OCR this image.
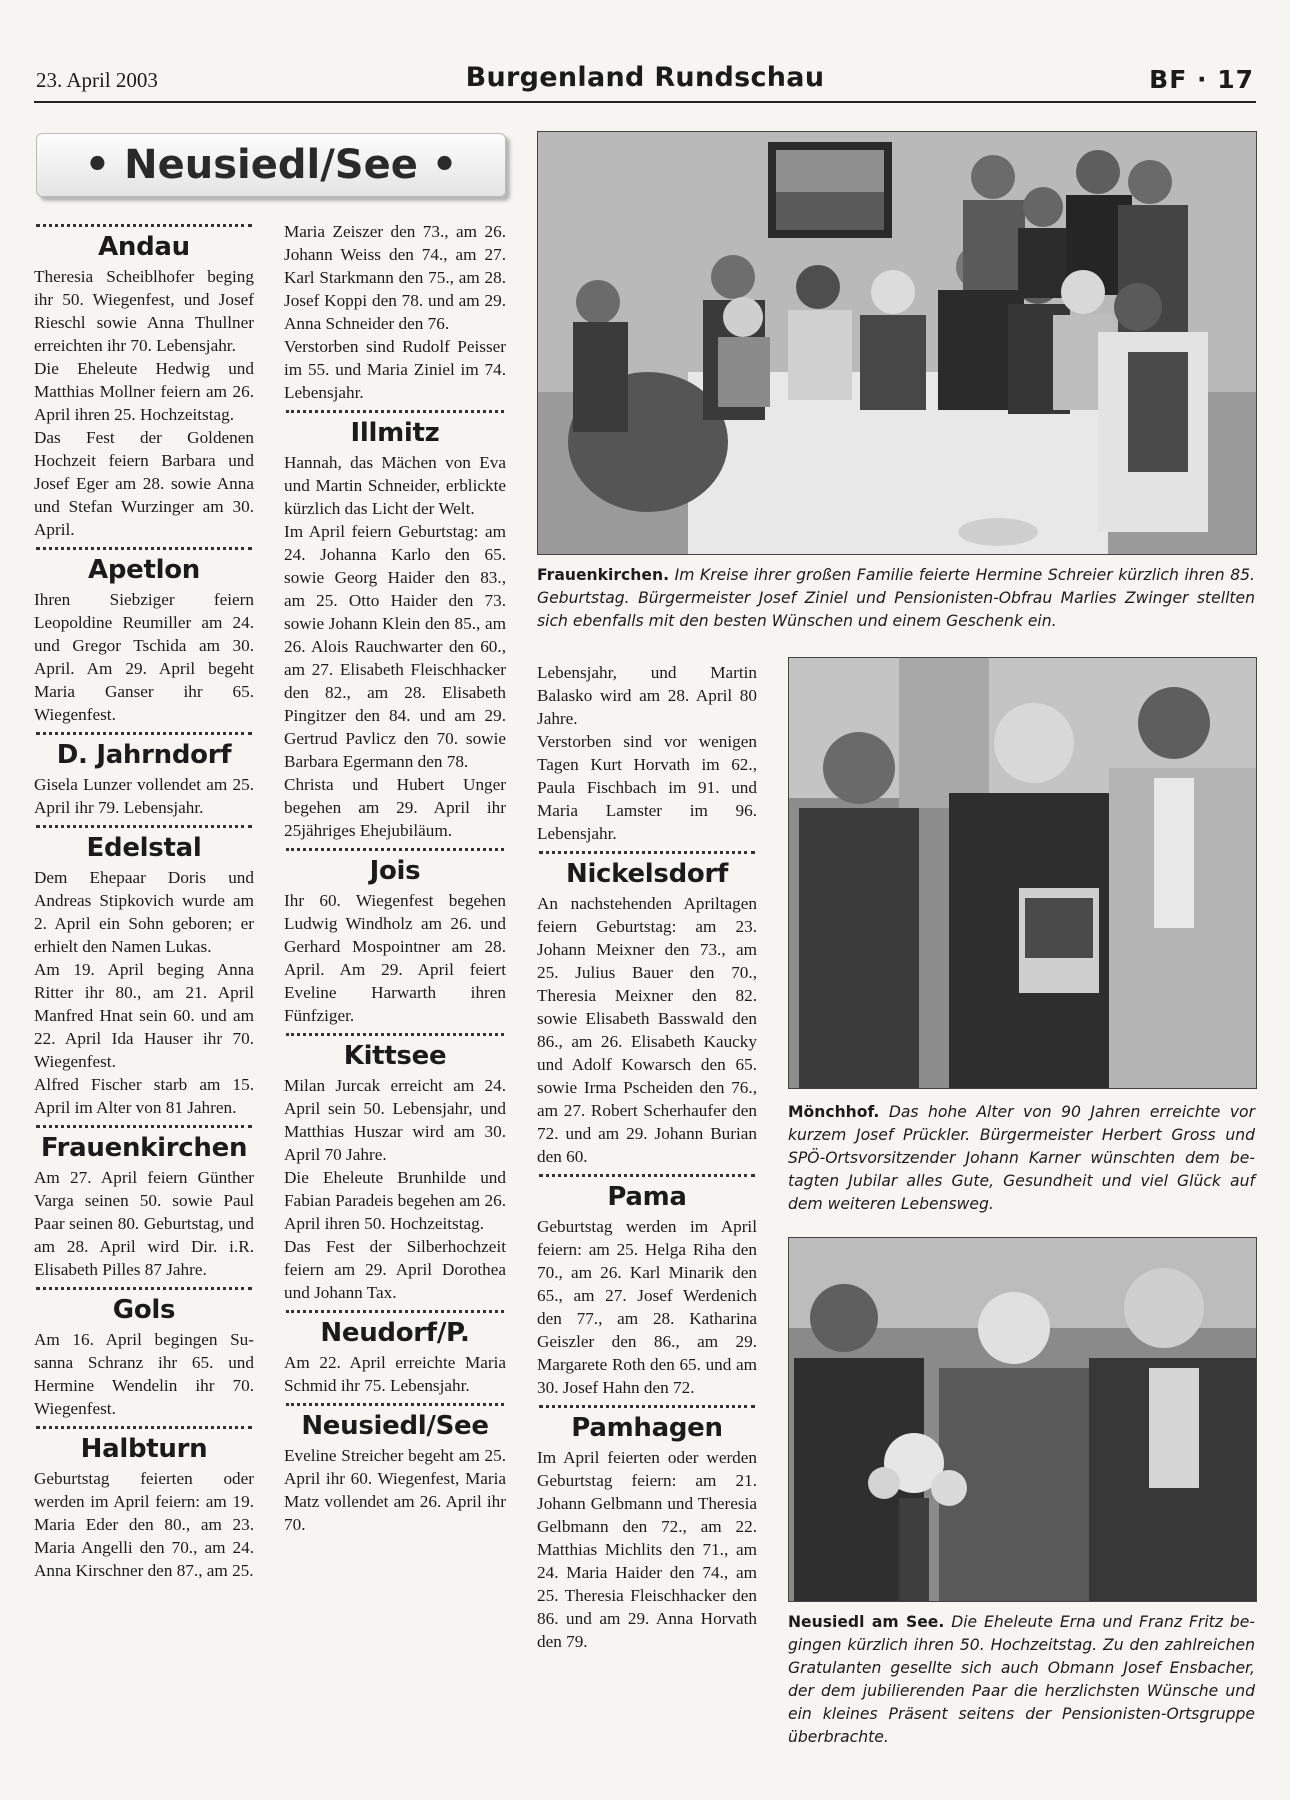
23. April 2003	Burgenland Rundschau	BF · 17
• Neusiedl/See •
Andau

Theresia Scheiblhofer beging ihr 50. Wiegenfest, und Josef Rieschl sowie Anna Thullner erreichten ihr 70. Lebensjahr.

Die Eheleute Hedwig und Matthias Mollner feiern am 26. April ihren 25. Hochzeitstag.

Das Fest der Goldenen Hochzeit feiern Barbara und Josef Eger am 28. sowie Anna und Stefan Wurzinger am 30. April.

Apetlon

Ihren Siebziger feiern Leopoldine Reumiller am 24. und Gregor Tschida am 30. April. Am 29. April begeht Maria Ganser ihr 65. Wiegenfest.

D. Jahrndorf

Gisela Lunzer vollendet am 25. April ihr 79. Lebensjahr.

Edelstal

Dem Ehepaar Doris und Andreas Stipkovich wurde am 2. April ein Sohn geboren; er erhielt den Namen Lukas.

Am 19. April beging Anna Ritter ihr 80., am 21. April Manfred Hnat sein 60. und am 22. April Ida Hauser ihr 70. Wiegenfest.

Alfred Fischer starb am 15. April im Alter von 81 Jahren.

Frauenkirchen

Am 27. April feiern Günther Varga seinen 50. sowie Paul Paar seinen 80. Geburtstag, und am 28. April wird Dir. i.R. Elisabeth Pilles 87 Jahre.

Gols

Am 16. April begingen Susanna Schranz ihr 65. und Hermine Wendelin ihr 70. Wiegenfest.

Halbturn

Geburtstag feierten oder werden im April feiern: am 19. Maria Eder den 80., am 23. Maria Angelli den 70., am 24. Anna Kirschner den 87., am 25.

Maria Zeiszer den 73., am 26. Johann Weiss den 74., am 27. Karl Starkmann den 75., am 28. Josef Koppi den 78. und am 29. Anna Schneider den 76.

Verstorben sind Rudolf Peisser im 55. und Maria Ziniel im 74. Lebensjahr.

Illmitz

Hannah, das Mächen von Eva und Martin Schneider, erblickte kürzlich das Licht der Welt.

Im April feiern Geburtstag: am 24. Johanna Karlo den 65. sowie Georg Haider den 83., am 25. Otto Haider den 73. sowie Johann Klein den 85., am 26. Alois Rauchwarter den 60., am 27. Elisabeth Fleischhacker den 82., am 28. Elisabeth Pingitzer den 84. und am 29. Gertrud Pavlicz den 70. sowie Barbara Egermann den 78.

Christa und Hubert Unger begehen am 29. April ihr 25jähriges Ehejubiläum.

Jois

Ihr 60. Wiegenfest begehen Ludwig Windholz am 26. und Gerhard Mospointner am 28. April. Am 29. April feiert Eveline Harwarth ihren Fünfziger.

Kittsee

Milan Jurcak erreicht am 24. April sein 50. Lebensjahr, und Matthias Huszar wird am 30. April 70 Jahre.

Die Eheleute Brunhilde und Fabian Paradeis begehen am 26. April ihren 50. Hochzeitstag.

Das Fest der Silberhochzeit feiern am 29. April Dorothea und Johann Tax.

Neudorf/P.

Am 22. April erreichte Maria Schmid ihr 75. Lebensjahr.

Neusiedl/See

Eveline Streicher begeht am 25. April ihr 60. Wiegenfest, Maria Matz vollendet am 26. April ihr 70.

Lebensjahr, und Martin Balasko wird am 28. April 80 Jahre.

Verstorben sind vor wenigen Tagen Kurt Horvath im 62., Paula Fischbach im 91. und Maria Lamster im 96. Lebensjahr.

Nickelsdorf

An nachstehenden Apriltagen feiern Geburtstag: am 23. Johann Meixner den 73., am 25. Julius Bauer den 70., Theresia Meixner den 82. sowie Elisabeth Basswald den 86., am 26. Elisabeth Kaucky und Adolf Kowarsch den 65. sowie Irma Pscheiden den 76., am 27. Robert Scherhaufer den 72. und am 29. Johann Burian den 60.

Pama

Geburtstag werden im April feiern: am 25. Helga Riha den 70., am 26. Karl Minarik den 65., am 27. Josef Werdenich den 77., am 28. Katharina Geiszler den 86., am 29. Margarete Roth den 65. und am 30. Josef Hahn den 72.

Pamhagen

Im April feierten oder werden Geburtstag feiern: am 21. Johann Gelbmann und Theresia Gelbmann den 72., am 22. Matthias Michlits den 71., am 24. Maria Haider den 74., am 25. Theresia Fleischhacker den 86. und am 29. Anna Horvath den 79.

Frauenkirchen. Im Kreise ihrer großen Familie feierte Hermine Schreier kürzlich ihren 85. Geburtstag. Bürgermeister Josef Ziniel und Pensionisten-Obfrau Marlies Zwinger stellten sich ebenfalls mit den besten Wünschen und einem Geschenk ein.
Mönchhof. Das hohe Alter von 90 Jahren erreichte vor kurzem Josef Prückler. Bürgermeister Herbert Gross und SPÖ-Ortsvorsitzender Johann Karner wünschten dem betagten Jubilar alles Gute, Gesundheit und viel Glück auf dem weiteren Lebensweg.
Neusiedl am See. Die Eheleute Erna und Franz Fritz begingen kürzlich ihren 50. Hochzeitstag. Zu den zahlreichen Gratulanten gesellte sich auch Obmann Josef Ensbacher, der dem jubilierenden Paar die herzlichsten Wünsche und ein kleines Präsent seitens der Pensionisten-Ortsgruppe überbrachte.
